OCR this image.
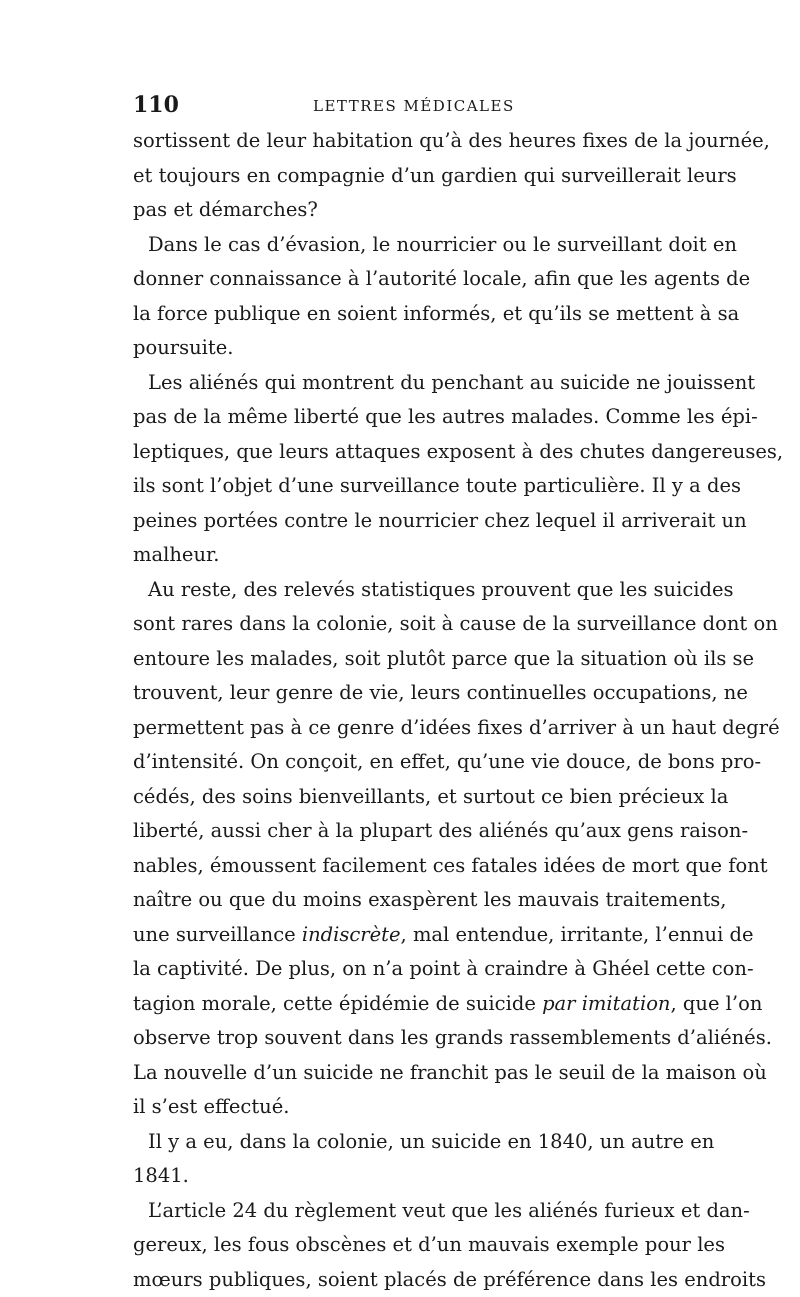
110	LETTRES MÉDICALES
sortissent de leur habitation qu’à des heures fixes de la journée,
et toujours en compagnie d’un gardien qui surveillerait leurs
pas et démarches?
Dans le cas d’évasion, le nourricier ou le surveillant doit en
donner connaissance à l’autorité locale, afin que les agents de
la force publique en soient informés, et qu’ils se mettent à sa
poursuite.
Les aliénés qui montrent du penchant au suicide ne jouissent
pas de la même liberté que les autres malades. Comme les épi-
leptiques, que leurs attaques exposent à des chutes dangereuses,
ils sont l’objet d’une surveillance toute particulière. Il y a des
peines portées contre le nourricier chez lequel il arriverait un
malheur.
Au reste, des relevés statistiques prouvent que les suicides
sont rares dans la colonie, soit à cause de la surveillance dont on
entoure les malades, soit plutôt parce que la situation où ils se
trouvent, leur genre de vie, leurs continuelles occupations, ne
permettent pas à ce genre d’idées fixes d’arriver à un haut degré
d’intensité. On conçoit, en effet, qu’une vie douce, de bons pro-
cédés, des soins bienveillants, et surtout ce bien précieux la
liberté, aussi cher à la plupart des aliénés qu’aux gens raison-
nables, émoussent facilement ces fatales idées de mort que font
naître ou que du moins exaspèrent les mauvais traitements,
une surveillance indiscrète, mal entendue, irritante, l’ennui de
la captivité. De plus, on n’a point à craindre à Ghéel cette con-
tagion morale, cette épidémie de suicide par imitation, que l’on
observe trop souvent dans les grands rassemblements d’aliénés.
La nouvelle d’un suicide ne franchit pas le seuil de la maison où
il s’est effectué.
Il y a eu, dans la colonie, un suicide en 1840, un autre en
1841.
L’article 24 du règlement veut que les aliénés furieux et dan-
gereux, les fous obscènes et d’un mauvais exemple pour les
mœurs publiques, soient placés de préférence dans les endroits
